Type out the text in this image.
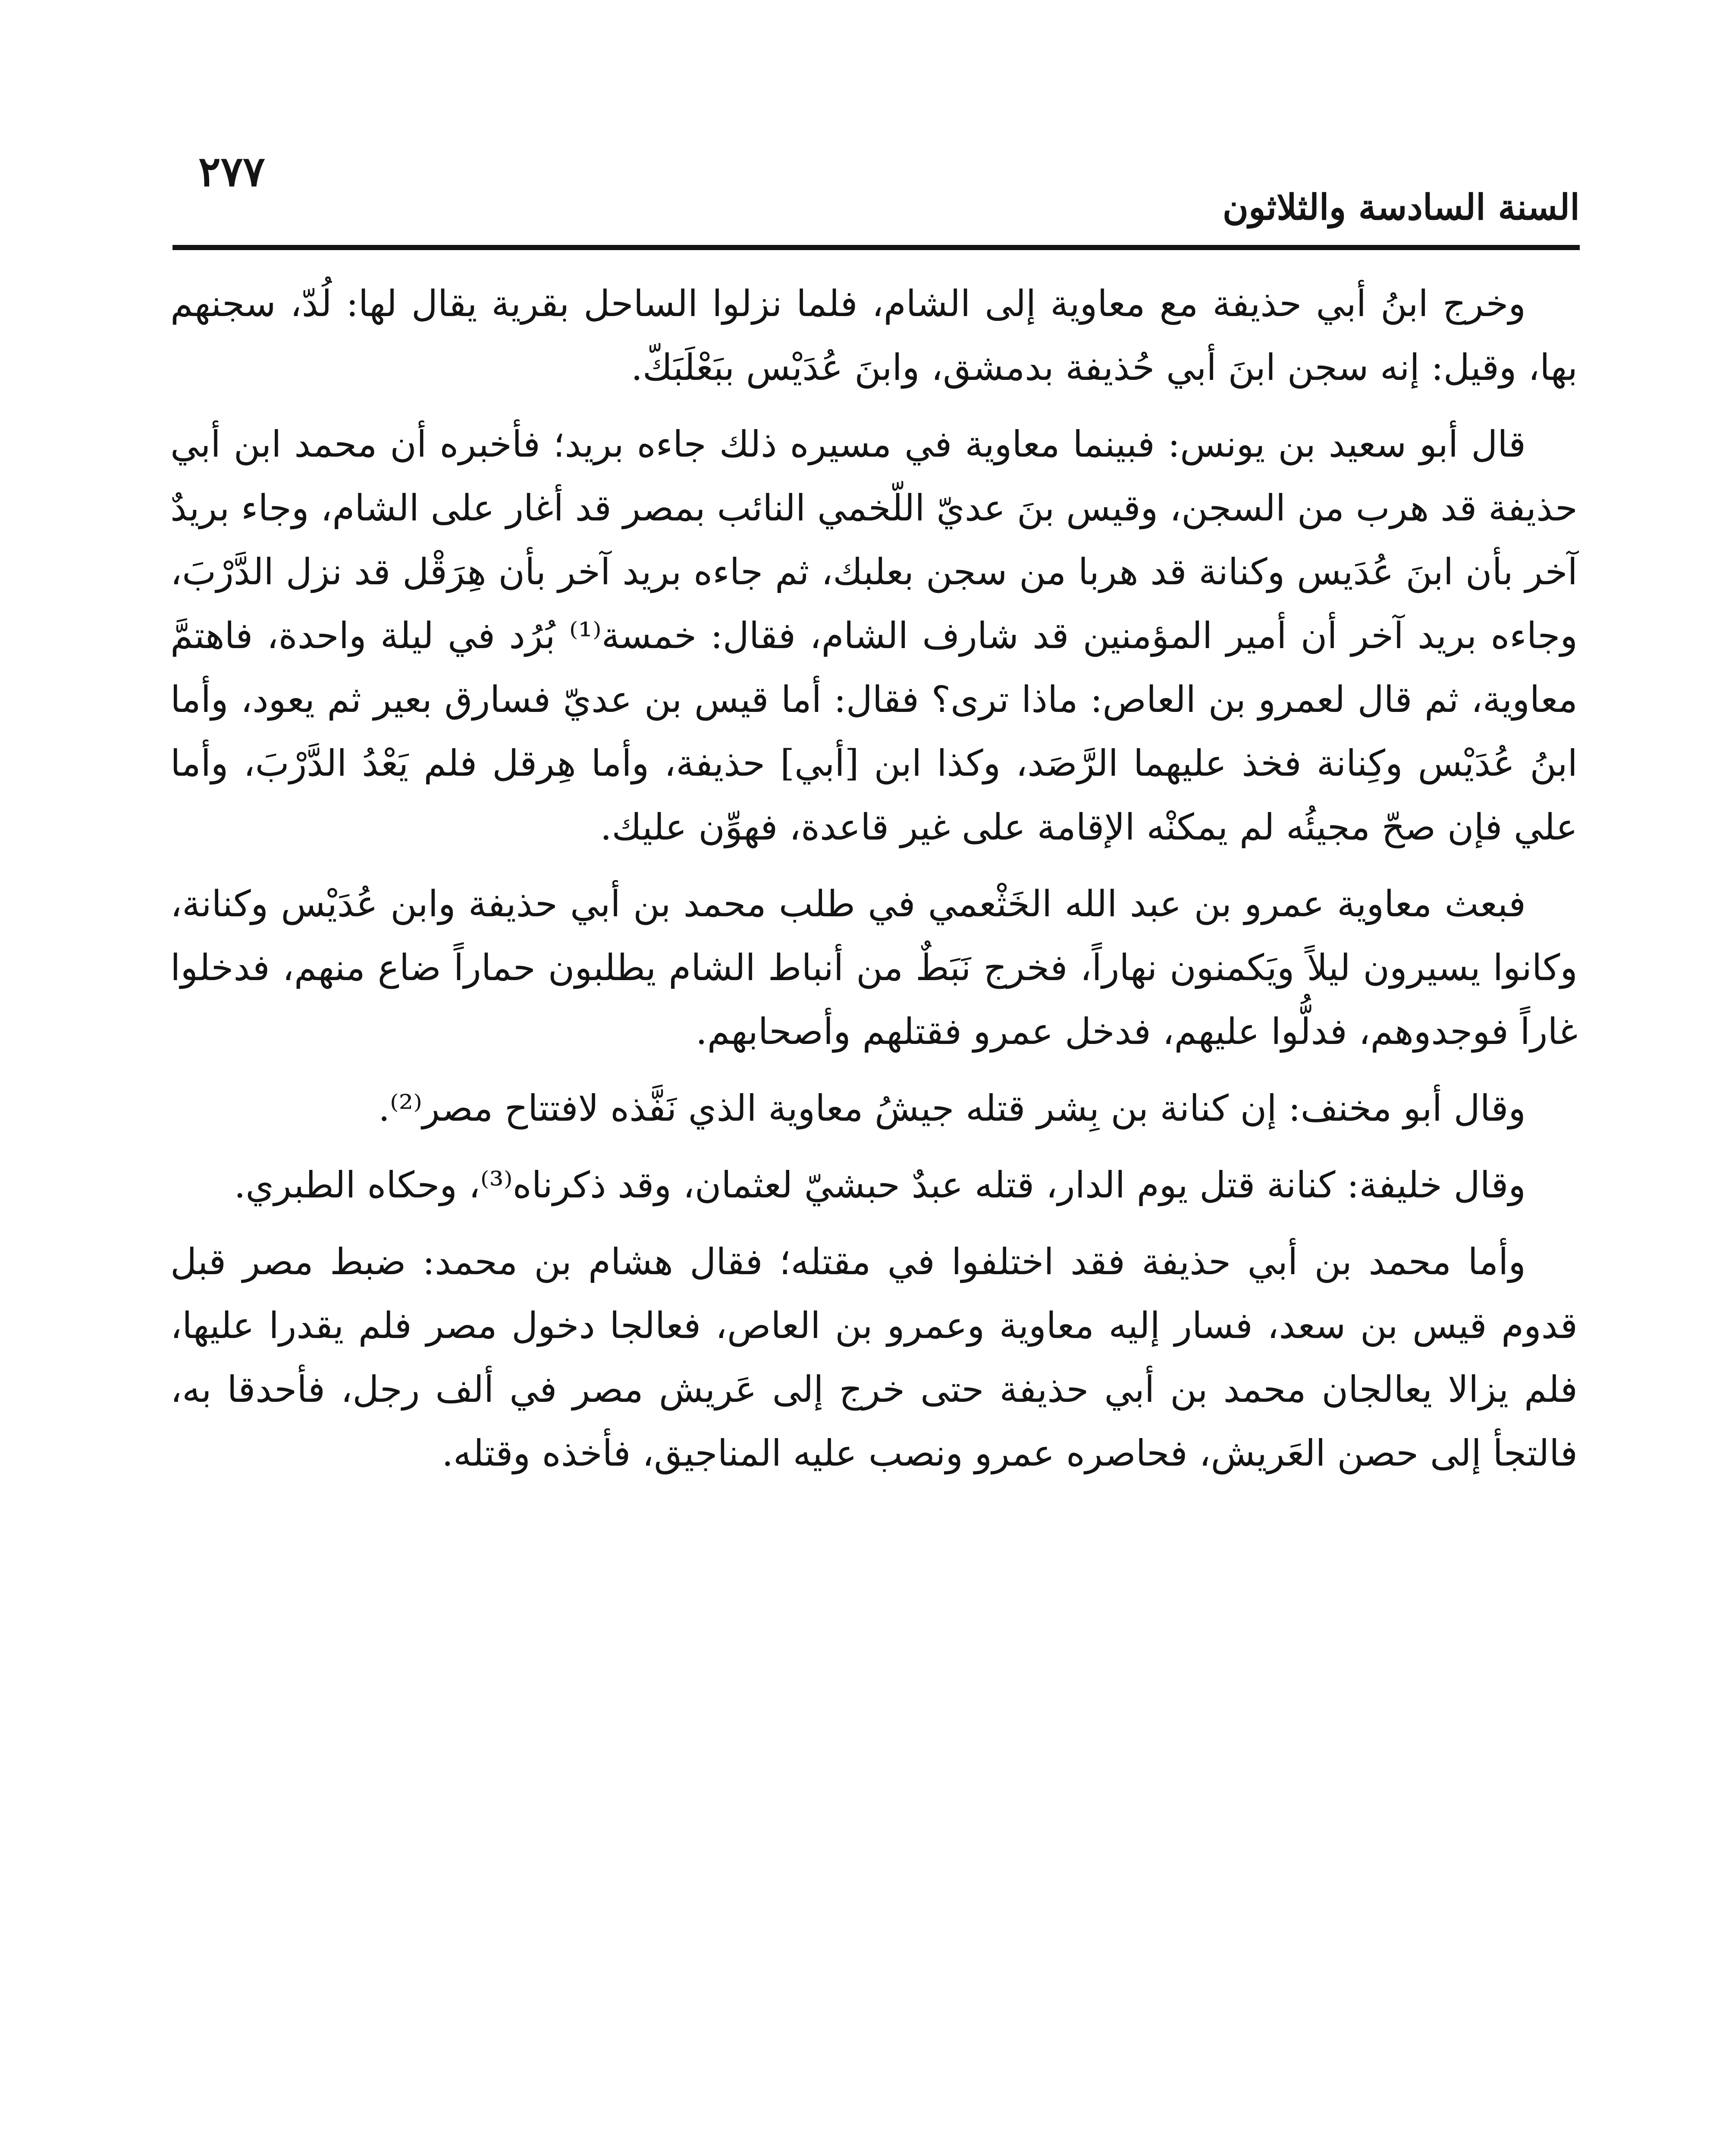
السنة السادسة والثلاثون
٢٧٧

وخرج ابنُ أبي حذيفة مع معاوية إلى الشام، فلما نزلوا الساحل بقرية يقال لها: لُدّ، سجنهم بها، وقيل: إنه سجن ابنَ أبي حُذيفة بدمشق، وابنَ عُدَيْس ببَعْلَبَكّ.

قال أبو سعيد بن يونس: فبينما معاوية في مسيره ذلك جاءه بريد؛ فأخبره أن محمد ابن أبي حذيفة قد هرب من السجن، وقيس بنَ عديّ اللّخمي النائب بمصر قد أغار على الشام، وجاء بريدٌ آخر بأن ابنَ عُدَيس وكنانة قد هربا من سجن بعلبك، ثم جاءه بريد آخر بأن هِرَقْل قد نزل الدَّرْبَ، وجاءه بريد آخر أن أمير المؤمنين قد شارف الشام، فقال: خمسة⁽¹⁾ بُرُد في ليلة واحدة، فاهتمَّ معاوية، ثم قال لعمرو بن العاص: ماذا ترى؟ فقال: أما قيس بن عديّ فسارق بعير ثم يعود، وأما ابنُ عُدَيْس وكِنانة فخذ عليهما الرَّصَد، وكذا ابن [أبي] حذيفة، وأما هِرقل فلم يَعْدُ الدَّرْبَ، وأما علي فإن صحّ مجيئُه لم يمكنْه الإقامة على غير قاعدة، فهوِّن عليك.

فبعث معاوية عمرو بن عبد الله الخَثْعمي في طلب محمد بن أبي حذيفة وابن عُدَيْس وكنانة، وكانوا يسيرون ليلاً ويَكمنون نهاراً، فخرج نَبَطٌ من أنباط الشام يطلبون حماراً ضاع منهم، فدخلوا غاراً فوجدوهم، فدلُّوا عليهم، فدخل عمرو فقتلهم وأصحابهم.

وقال أبو مخنف: إن كنانة بن بِشر قتله جيشُ معاوية الذي نَفَّذه لافتتاح مصر⁽²⁾.

وقال خليفة: كنانة قتل يوم الدار، قتله عبدٌ حبشيّ لعثمان، وقد ذكرناه⁽³⁾، وحكاه الطبري.

وأما محمد بن أبي حذيفة فقد اختلفوا في مقتله؛ فقال هشام بن محمد: ضبط مصر قبل قدوم قيس بن سعد، فسار إليه معاوية وعمرو بن العاص، فعالجا دخول مصر فلم يقدرا عليها، فلم يزالا يعالجان محمد بن أبي حذيفة حتى خرج إلى عَريش مصر في ألف رجل، فأحدقا به، فالتجأ إلى حصن العَريش، فحاصره عمرو ونصب عليه المناجيق، فأخذه وقتله.
